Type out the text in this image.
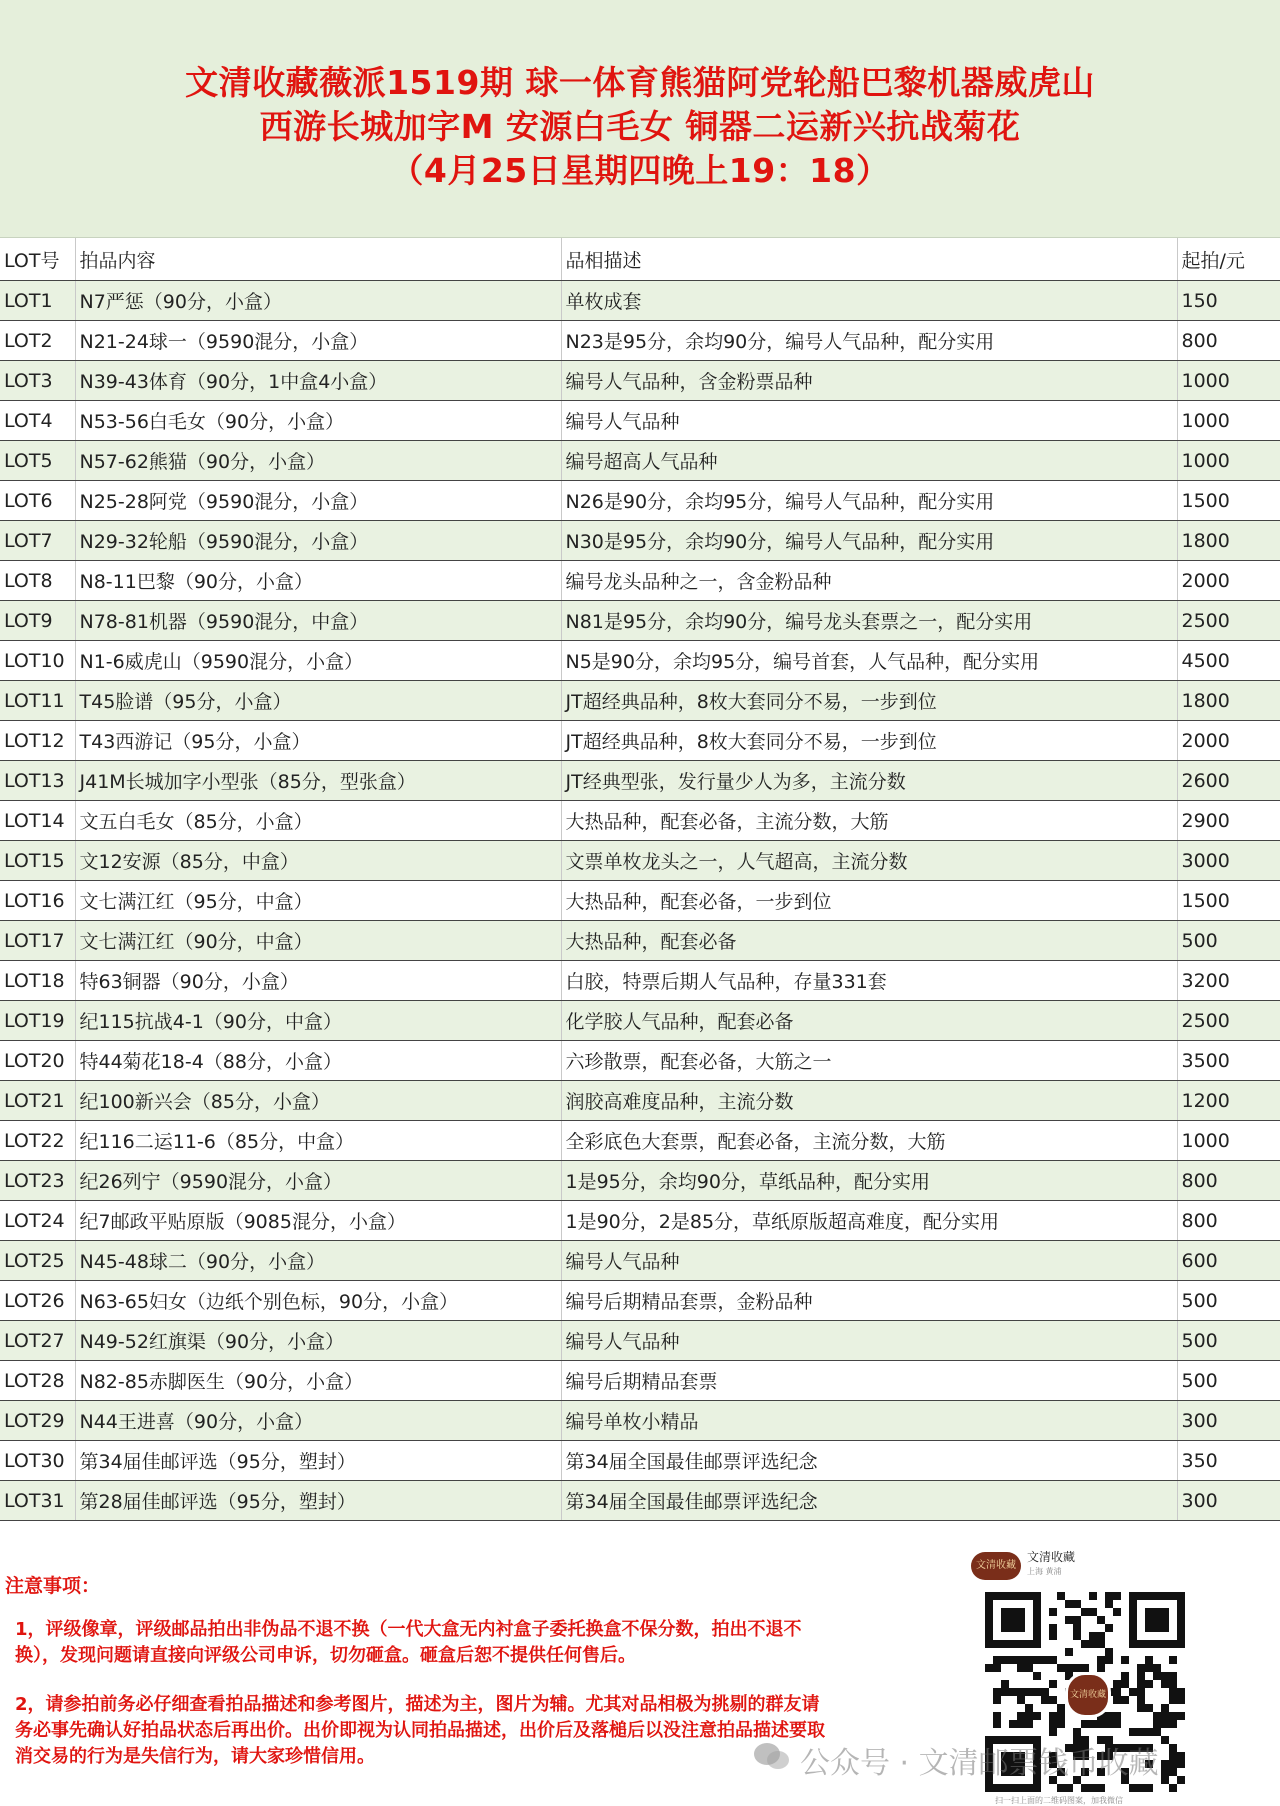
文清收藏薇派1519期 球一体育熊猫阿党轮船巴黎机器威虎山
西游长城加字M 安源白毛女 铜器二运新兴抗战菊花
（4月25日星期四晚上19：18）
LOT号	拍品内容	品相描述	起拍/元
LOT1	N7严惩（90分，小盒）	单枚成套	150
LOT2	N21-24球一（9590混分，小盒）	N23是95分，余均90分，编号人气品种，配分实用	800
LOT3	N39-43体育（90分，1中盒4小盒）	编号人气品种，含金粉票品种	1000
LOT4	N53-56白毛女（90分，小盒）	编号人气品种	1000
LOT5	N57-62熊猫（90分，小盒）	编号超高人气品种	1000
LOT6	N25-28阿党（9590混分，小盒）	N26是90分，余均95分，编号人气品种，配分实用	1500
LOT7	N29-32轮船（9590混分，小盒）	N30是95分，余均90分，编号人气品种，配分实用	1800
LOT8	N8-11巴黎（90分，小盒）	编号龙头品种之一，含金粉品种	2000
LOT9	N78-81机器（9590混分，中盒）	N81是95分，余均90分，编号龙头套票之一，配分实用	2500
LOT10	N1-6威虎山（9590混分，小盒）	N5是90分，余均95分，编号首套，人气品种，配分实用	4500
LOT11	T45脸谱（95分，小盒）	JT超经典品种，8枚大套同分不易，一步到位	1800
LOT12	T43西游记（95分，小盒）	JT超经典品种，8枚大套同分不易，一步到位	2000
LOT13	J41M长城加字小型张（85分，型张盒）	JT经典型张，发行量少人为多，主流分数	2600
LOT14	文五白毛女（85分，小盒）	大热品种，配套必备，主流分数，大筋	2900
LOT15	文12安源（85分，中盒）	文票单枚龙头之一，人气超高，主流分数	3000
LOT16	文七满江红（95分，中盒）	大热品种，配套必备，一步到位	1500
LOT17	文七满江红（90分，中盒）	大热品种，配套必备	500
LOT18	特63铜器（90分，小盒）	白胶，特票后期人气品种，存量331套	3200
LOT19	纪115抗战4-1（90分，中盒）	化学胶人气品种，配套必备	2500
LOT20	特44菊花18-4（88分，小盒）	六珍散票，配套必备，大筋之一	3500
LOT21	纪100新兴会（85分，小盒）	润胶高难度品种，主流分数	1200
LOT22	纪116二运11-6（85分，中盒）	全彩底色大套票，配套必备，主流分数，大筋	1000
LOT23	纪26列宁（9590混分，小盒）	1是95分，余均90分，草纸品种，配分实用	800
LOT24	纪7邮政平贴原版（9085混分，小盒）	1是90分，2是85分，草纸原版超高难度，配分实用	800
LOT25	N45-48球二（90分，小盒）	编号人气品种	600
LOT26	N63-65妇女（边纸个别色标，90分，小盒）	编号后期精品套票，金粉品种	500
LOT27	N49-52红旗渠（90分，小盒）	编号人气品种	500
LOT28	N82-85赤脚医生（90分，小盒）	编号后期精品套票	500
LOT29	N44王进喜（90分，小盒）	编号单枚小精品	300
LOT30	第34届佳邮评选（95分，塑封）	第34届全国最佳邮票评选纪念	350
LOT31	第28届佳邮评选（95分，塑封）	第34届全国最佳邮票评选纪念	300
注意事项：
1，评级像章，评级邮品拍出非伪品不退不换（一代大盒无内衬盒子委托换盒不保分数，拍出不退不换），发现问题请直接向评级公司申诉，切勿砸盒。砸盒后恕不提供任何售后。
2，请参拍前务必仔细查看拍品描述和参考图片，描述为主，图片为辅。尤其对品相极为挑剔的群友请务必事先确认好拍品状态后再出价。出价即视为认同拍品描述，出价后及落槌后以没注意拍品描述要取消交易的行为是失信行为，请大家珍惜信用。
文清收藏
文清收藏
上海 黄浦
文清收藏
扫一扫上面的二维码图案，加我微信
公众号 · 文清邮票钱币收藏
